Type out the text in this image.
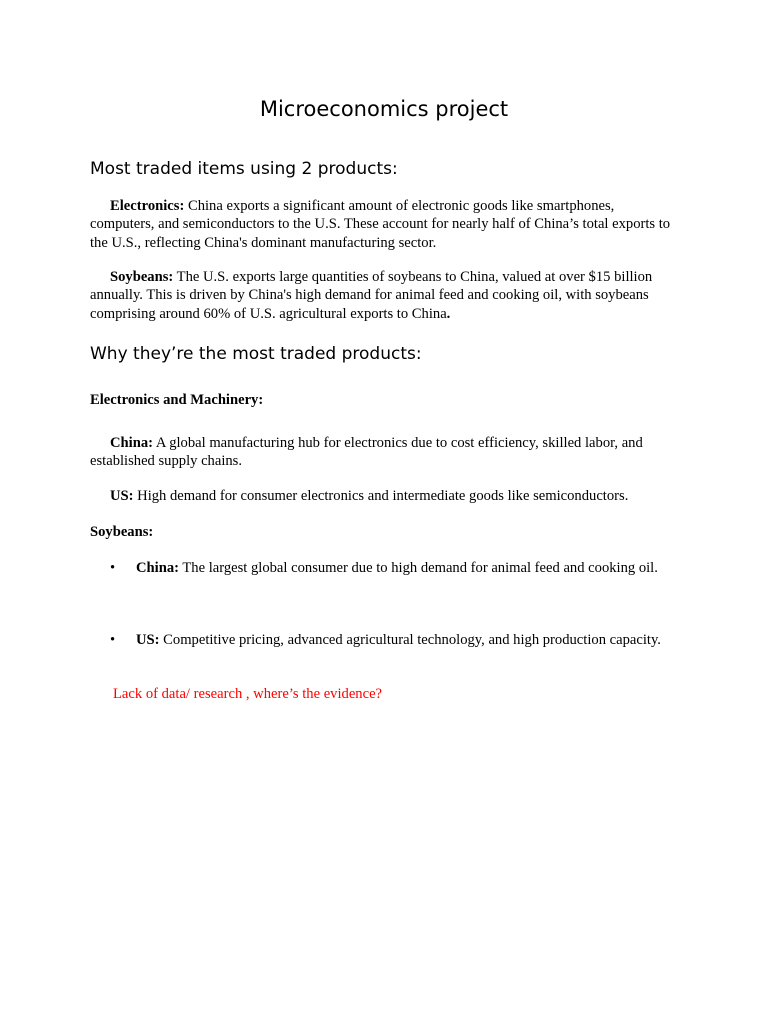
Microeconomics project
Most traded items using 2 products:

Electronics: China exports a significant amount of electronic goods like smartphones, computers, and semiconductors to the U.S. These account for nearly half of China’s total exports to the U.S., reflecting China's dominant manufacturing sector.

Soybeans: The U.S. exports large quantities of soybeans to China, valued at over $15 billion annually. This is driven by China's high demand for animal feed and cooking oil, with soybeans comprising around 60% of U.S. agricultural exports to China.

Why they’re the most traded products:

Electronics and Machinery:

China: A global manufacturing hub for electronics due to cost efficiency, skilled labor, and established supply chains.

US: High demand for consumer electronics and intermediate goods like semiconductors.

Soybeans:

• China: The largest global consumer due to high demand for animal feed and cooking oil.

• US: Competitive pricing, advanced agricultural technology, and high production capacity.

Lack of data/ research , where’s the evidence?
